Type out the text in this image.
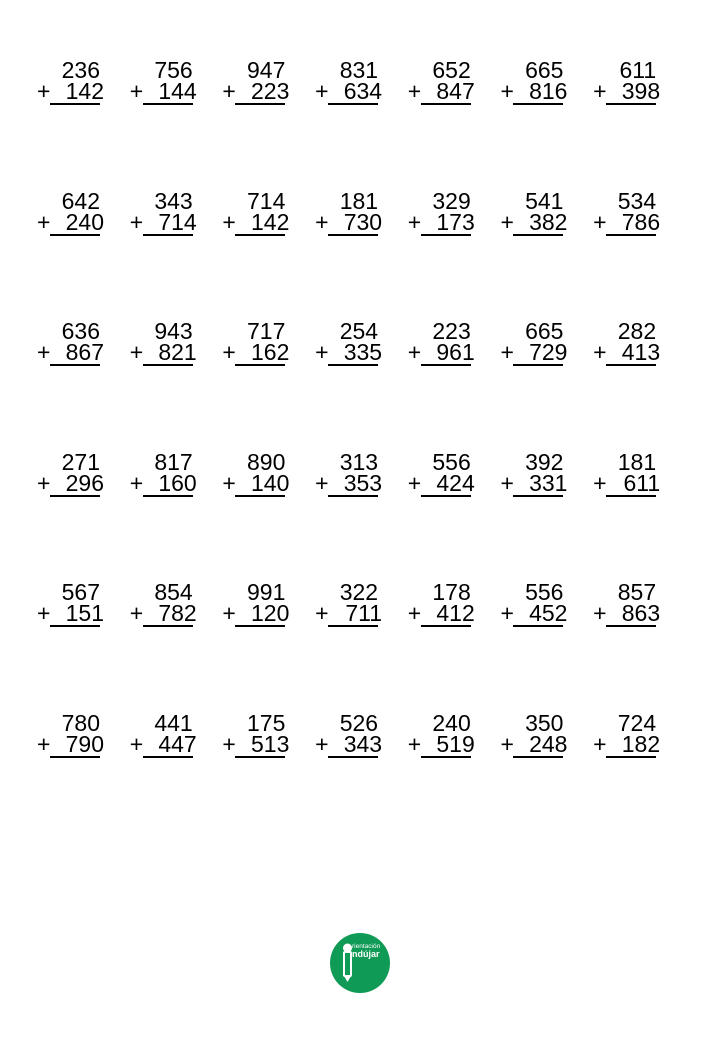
236
+ 142
756
+ 144
947
+ 223
831
+ 634
652
+ 847
665
+ 816
611
+ 398
642
+ 240
343
+ 714
714
+ 142
181
+ 730
329
+ 173
541
+ 382
534
+ 786
636
+ 867
943
+ 821
717
+ 162
254
+ 335
223
+ 961
665
+ 729
282
+ 413
271
+ 296
817
+ 160
890
+ 140
313
+ 353
556
+ 424
392
+ 331
181
+ 611
567
+ 151
854
+ 782
991
+ 120
322
+ 711
178
+ 412
556
+ 452
857
+ 863
780
+ 790
441
+ 447
175
+ 513
526
+ 343
240
+ 519
350
+ 248
724
+ 182
rientación
ndújar
